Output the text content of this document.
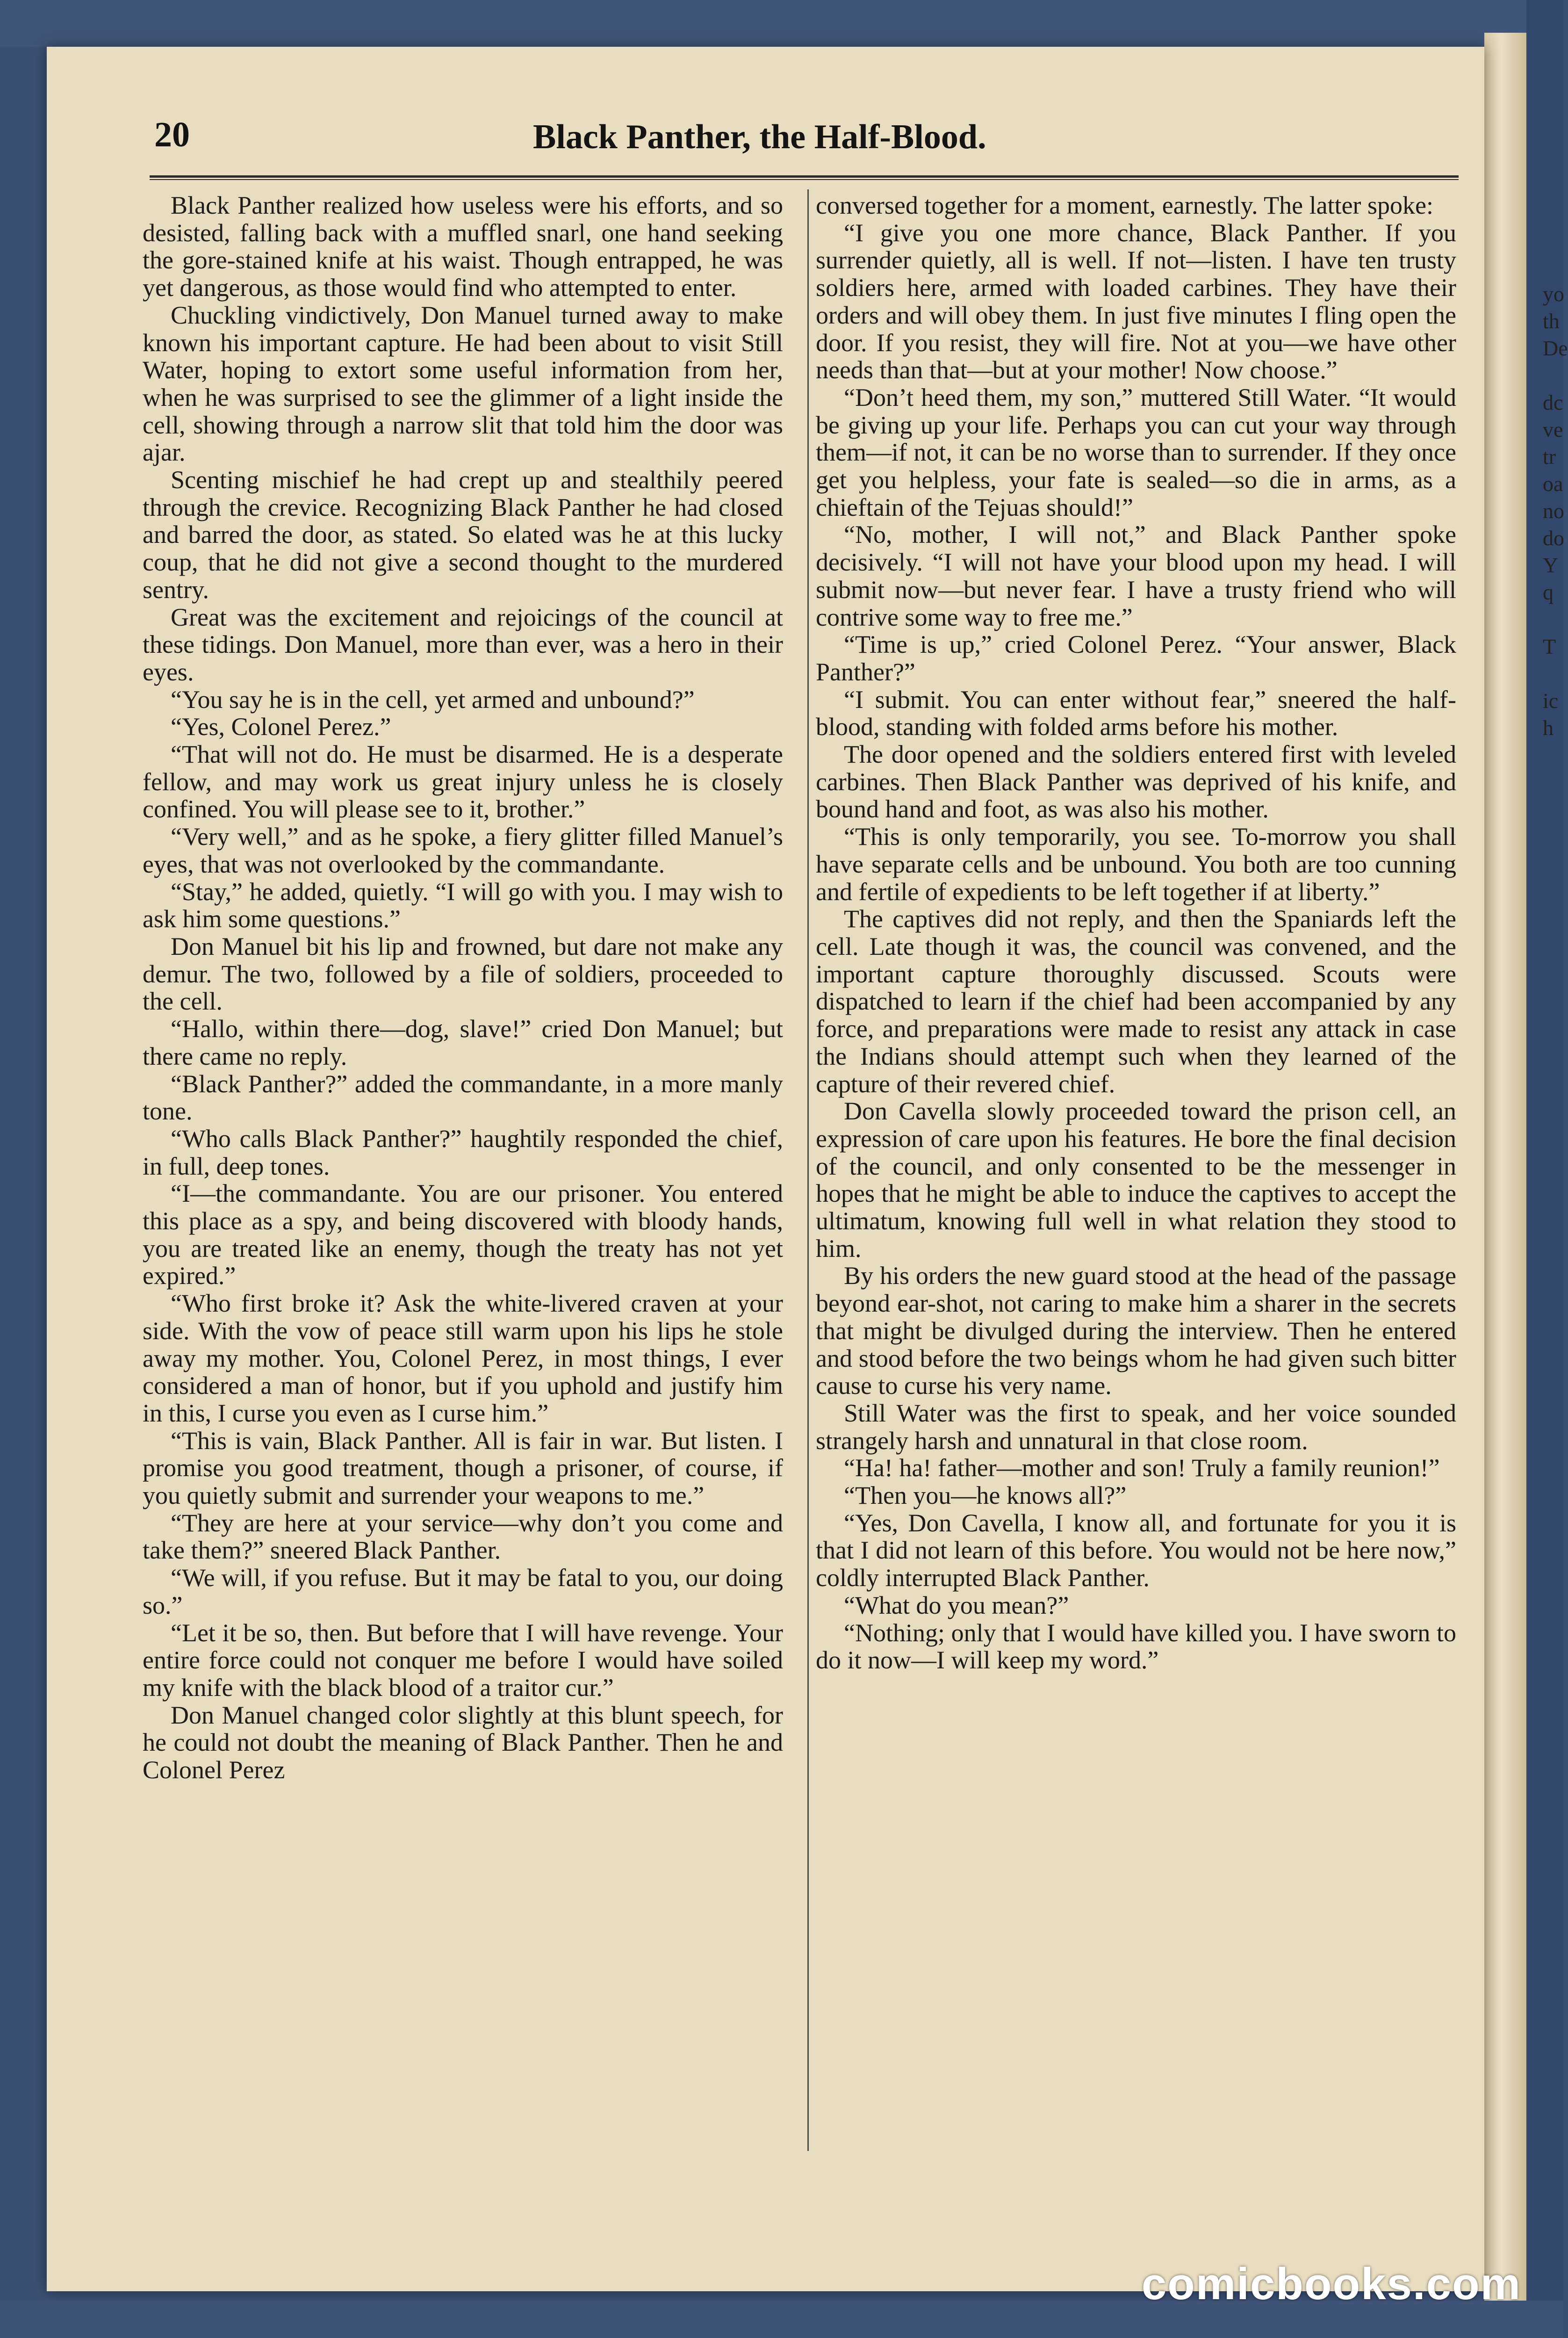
20	Black Panther, the Half-Blood.

Black Panther realized how useless were his efforts, and so desisted, falling back with a muffled snarl, one hand seeking the gore-stained knife at his waist. Though entrapped, he was yet dangerous, as those would find who attempted to enter.

Chuckling vindictively, Don Manuel turned away to make known his important capture. He had been about to visit Still Water, hoping to extort some useful information from her, when he was surprised to see the glimmer of a light inside the cell, showing through a narrow slit that told him the door was ajar.

Scenting mischief he had crept up and stealthily peered through the crevice. Recognizing Black Panther he had closed and barred the door, as stated. So elated was he at this lucky coup, that he did not give a second thought to the murdered sentry.

Great was the excitement and rejoicings of the council at these tidings. Don Manuel, more than ever, was a hero in their eyes.

“You say he is in the cell, yet armed and unbound?”

“Yes, Colonel Perez.”

“That will not do. He must be disarmed. He is a desperate fellow, and may work us great injury unless he is closely confined. You will please see to it, brother.”

“Very well,” and as he spoke, a fiery glitter filled Manuel’s eyes, that was not overlooked by the commandante.

“Stay,” he added, quietly. “I will go with you. I may wish to ask him some questions.”

Don Manuel bit his lip and frowned, but dare not make any demur. The two, followed by a file of soldiers, proceeded to the cell.

“Hallo, within there—dog, slave!” cried Don Manuel; but there came no reply.

“Black Panther?” added the commandante, in a more manly tone.

“Who calls Black Panther?” haughtily responded the chief, in full, deep tones.

“I—the commandante. You are our prisoner. You entered this place as a spy, and being discovered with bloody hands, you are treated like an enemy, though the treaty has not yet expired.”

“Who first broke it? Ask the white-livered craven at your side. With the vow of peace still warm upon his lips he stole away my mother. You, Colonel Perez, in most things, I ever considered a man of honor, but if you uphold and justify him in this, I curse you even as I curse him.”

“This is vain, Black Panther. All is fair in war. But listen. I promise you good treatment, though a prisoner, of course, if you quietly submit and surrender your weapons to me.”

“They are here at your service—why don’t you come and take them?” sneered Black Panther.

“We will, if you refuse. But it may be fatal to you, our doing so.”

“Let it be so, then. But before that I will have revenge. Your entire force could not conquer me before I would have soiled my knife with the black blood of a traitor cur.”

Don Manuel changed color slightly at this blunt speech, for he could not doubt the meaning of Black Panther. Then he and Colonel Perez

conversed together for a moment, earnestly. The latter spoke:

“I give you one more chance, Black Panther. If you surrender quietly, all is well. If not—listen. I have ten trusty soldiers here, armed with loaded carbines. They have their orders and will obey them. In just five minutes I fling open the door. If you resist, they will fire. Not at you—we have other needs than that—but at your mother! Now choose.”

“Don’t heed them, my son,” muttered Still Water. “It would be giving up your life. Perhaps you can cut your way through them—if not, it can be no worse than to surrender. If they once get you helpless, your fate is sealed—so die in arms, as a chieftain of the Tejuas should!”

“No, mother, I will not,” and Black Panther spoke decisively. “I will not have your blood upon my head. I will submit now—but never fear. I have a trusty friend who will contrive some way to free me.”

“Time is up,” cried Colonel Perez. “Your answer, Black Panther?”

“I submit. You can enter without fear,” sneered the half-blood, standing with folded arms before his mother.

The door opened and the soldiers entered first with leveled carbines. Then Black Panther was deprived of his knife, and bound hand and foot, as was also his mother.

“This is only temporarily, you see. To-morrow you shall have separate cells and be unbound. You both are too cunning and fertile of expedients to be left together if at liberty.”

The captives did not reply, and then the Spaniards left the cell. Late though it was, the council was convened, and the important capture thoroughly discussed. Scouts were dispatched to learn if the chief had been accompanied by any force, and preparations were made to resist any attack in case the Indians should attempt such when they learned of the capture of their revered chief.

Don Cavella slowly proceeded toward the prison cell, an expression of care upon his features. He bore the final decision of the council, and only consented to be the messenger in hopes that he might be able to induce the captives to accept the ultimatum, knowing full well in what relation they stood to him.

By his orders the new guard stood at the head of the passage beyond ear-shot, not caring to make him a sharer in the secrets that might be divulged during the interview. Then he entered and stood before the two beings whom he had given such bitter cause to curse his very name.

Still Water was the first to speak, and her voice sounded strangely harsh and unnatural in that close room.

“Ha! ha! father—mother and son! Truly a family reunion!”

“Then you—he knows all?”

“Yes, Don Cavella, I know all, and fortunate for you it is that I did not learn of this before. You would not be here now,” coldly interrupted Black Panther.

“What do you mean?”

“Nothing; only that I would have killed you. I have sworn to do it now—I will keep my word.”

yo
th
De

dc
ve
tr
oa
no
do
Y
q

T

ic
h
comicbooks.com
